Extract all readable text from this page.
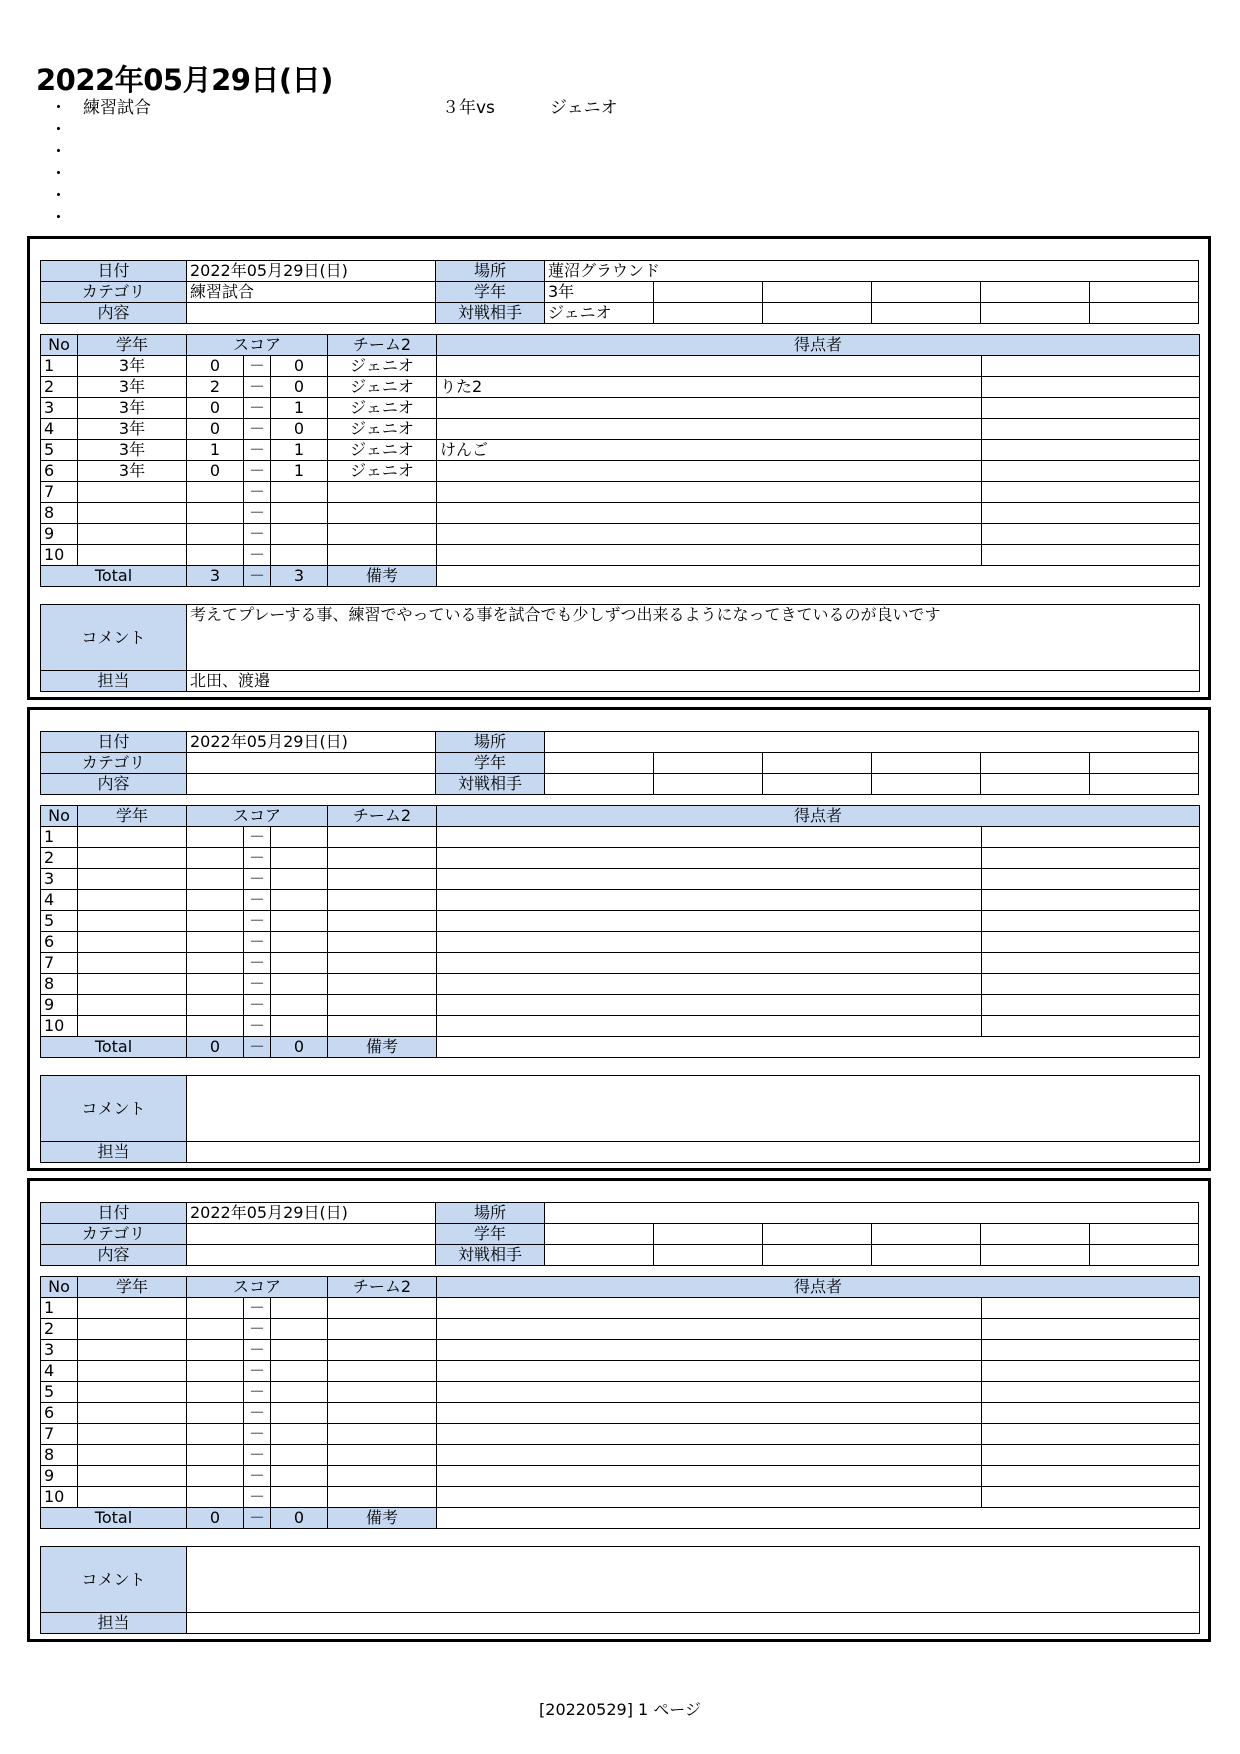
2022年05月29日(日)
・ 練習試合	３年vs	ジェニオ
・
・
・
・
・
日付	2022年05月29日(日)	場所	蓮沼グラウンド					
カテゴリ	練習試合	学年	3年					
内容		対戦相手	ジェニオ					
No	学年	スコア			チーム2	得点者	
1	3年	0	－	0	ジェニオ		
2	3年	2	－	0	ジェニオ	りた2	
3	3年	0	－	1	ジェニオ		
4	3年	0	－	0	ジェニオ		
5	3年	1	－	1	ジェニオ	けんご	
6	3年	0	－	1	ジェニオ		
7			－				
8			－				
9			－				
10			－				
Total		3	－	3	備考		
コメント	考えてプレーする事、練習でやっている事を試合でも少しずつ出来るようになってきているのが良いです
担当	北田、渡邉
日付	2022年05月29日(日)	場所						
カテゴリ		学年						
内容		対戦相手						
No	学年	スコア			チーム2	得点者	
1			－				
2			－				
3			－				
4			－				
5			－				
6			－				
7			－				
8			－				
9			－				
10			－				
Total		0	－	0	備考		
コメント	
担当	
日付	2022年05月29日(日)	場所						
カテゴリ		学年						
内容		対戦相手						
No	学年	スコア			チーム2	得点者	
1			－				
2			－				
3			－				
4			－				
5			－				
6			－				
7			－				
8			－				
9			－				
10			－				
Total		0	－	0	備考		
コメント	
担当	
[20220529] 1 ページ
